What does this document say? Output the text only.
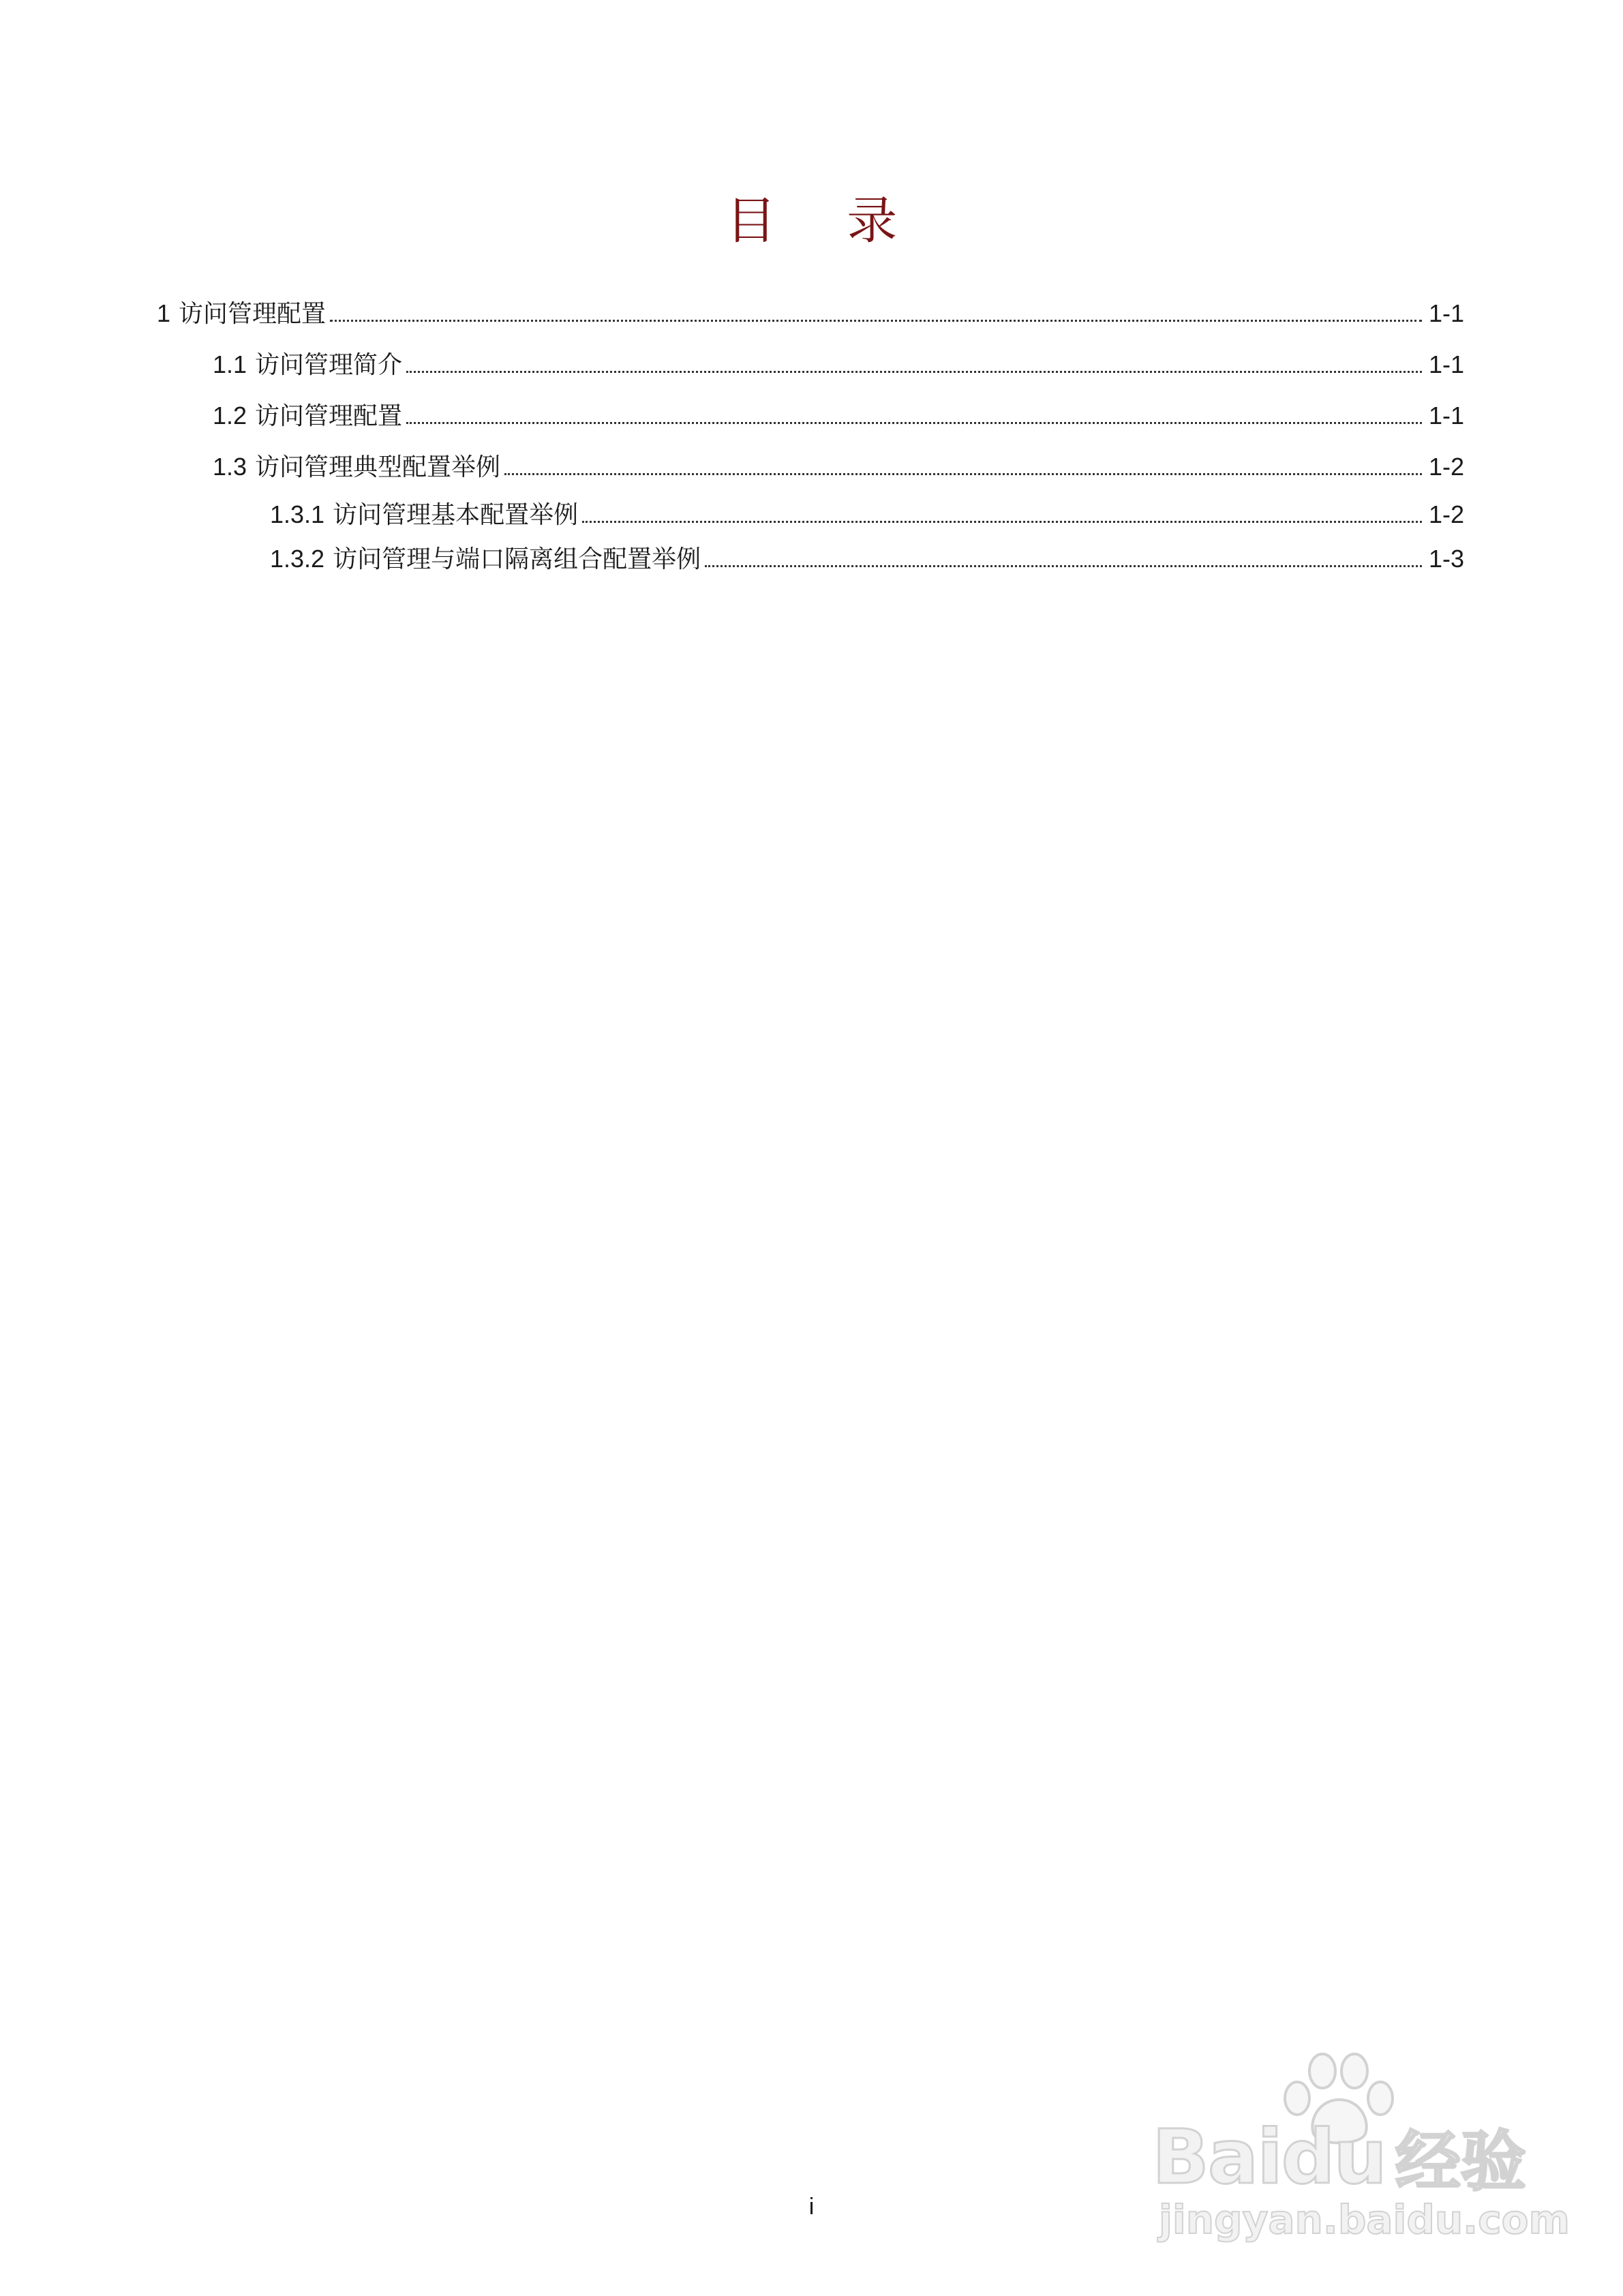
目 录
1 访问管理配置	1-1
1.1 访问管理简介	1-1
1.2 访问管理配置	1-1
1.3 访问管理典型配置举例	1-2
1.3.1 访问管理基本配置举例	1-2
1.3.2 访问管理与端口隔离组合配置举例	1-3
Baidu 经验
jingyan.baidu.com
i
